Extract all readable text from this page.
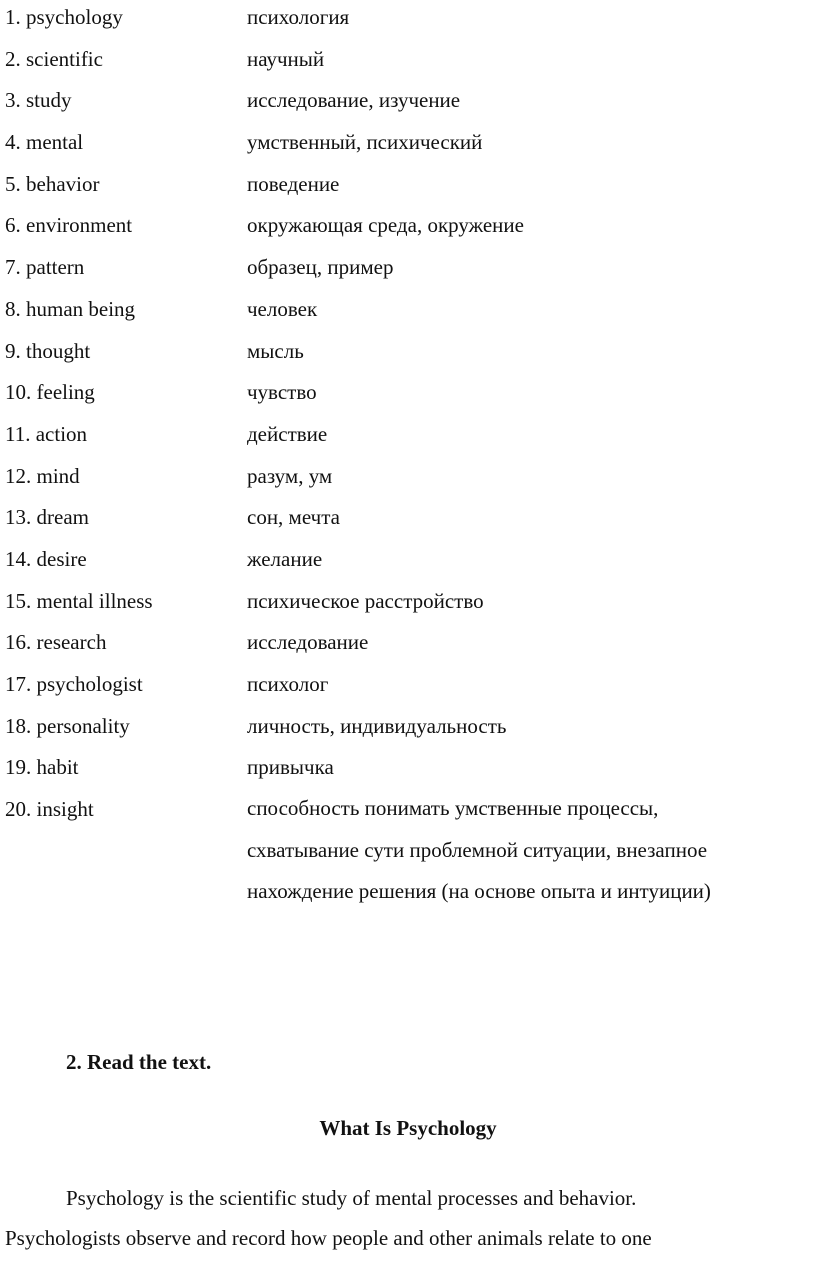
1. psychology	психология
2. scientific	научный
3. study	исследование, изучение
4. mental	умственный, психический
5. behavior	поведение
6. environment	окружающая среда, окружение
7. pattern	образец, пример
8. human being	человек
9. thought	мысль
10. feeling	чувство
11. action	действие
12. mind	разум, ум
13. dream	сон, мечта
14. desire	желание
15. mental illness	психическое расстройство
16. research	исследование
17. psychologist	психолог
18. personality	личность, индивидуальность
19. habit	привычка
20. insight	способность понимать умственные процессы,
схватывание сути проблемной ситуации, внезапное
нахождение решения (на основе опыта и интуиции)
2. Read the text.
What Is Psychology

Psychology is the scientific study of mental processes and behavior.
Psychologists observe and record how people and other animals relate to one
